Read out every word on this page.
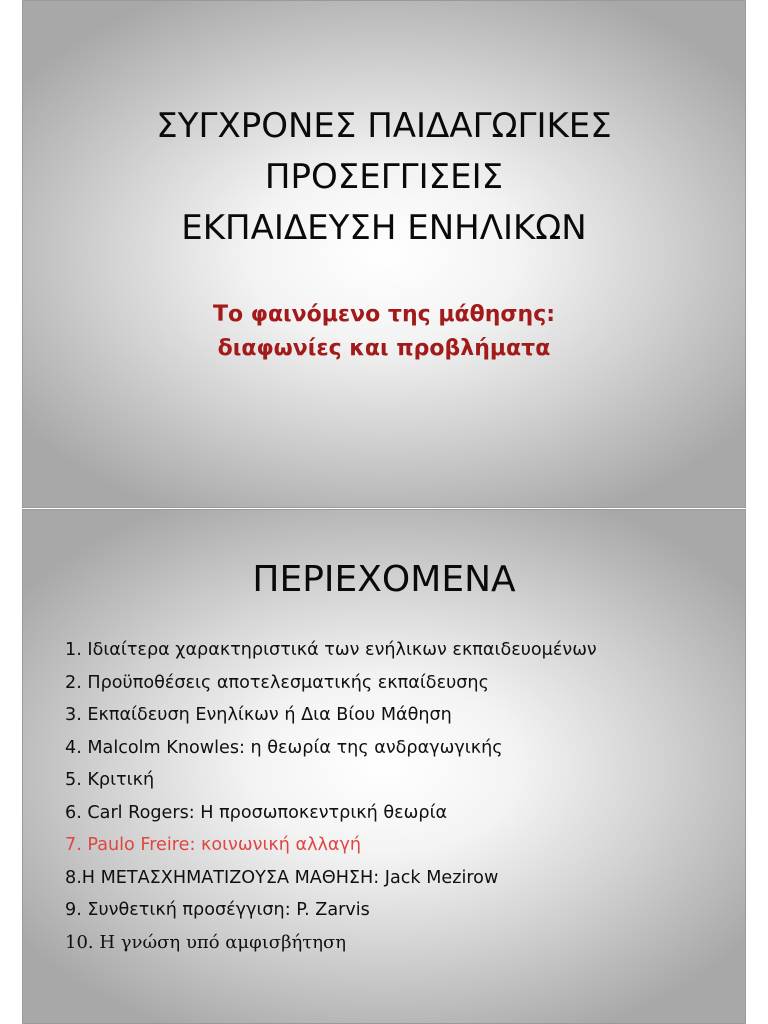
ΣΥΓΧΡΟΝΕΣ ΠΑΙΔΑΓΩΓΙΚΕΣ
ΠΡΟΣΕΓΓΙΣΕΙΣ
ΕΚΠΑΙΔΕΥΣΗ ΕΝΗΛΙΚΩΝ
Το φαινόμενο της μάθησης:
διαφωνίες και προβλήματα
ΠΕΡΙΕΧΟΜΕΝΑ
1. Ιδιαίτερα χαρακτηριστικά των ενήλικων εκπαιδευομένων
2. Προϋποθέσεις αποτελεσματικής εκπαίδευσης
3. Εκπαίδευση Ενηλίκων ή Δια Βίου Μάθηση
4. Malcolm Knowles: η θεωρία της ανδραγωγικής
5. Κριτική
6. Carl Rogers: Η προσωποκεντρική θεωρία
7. Paulo Freire: κοινωνική αλλαγή
8.Η ΜΕΤΑΣΧΗΜΑΤΙΖΟΥΣΑ ΜΑΘΗΣΗ: Jack Mezirow
9. Συνθετική προσέγγιση: P. Zarvis
10. Η γνώση υπό αμφισβήτηση
